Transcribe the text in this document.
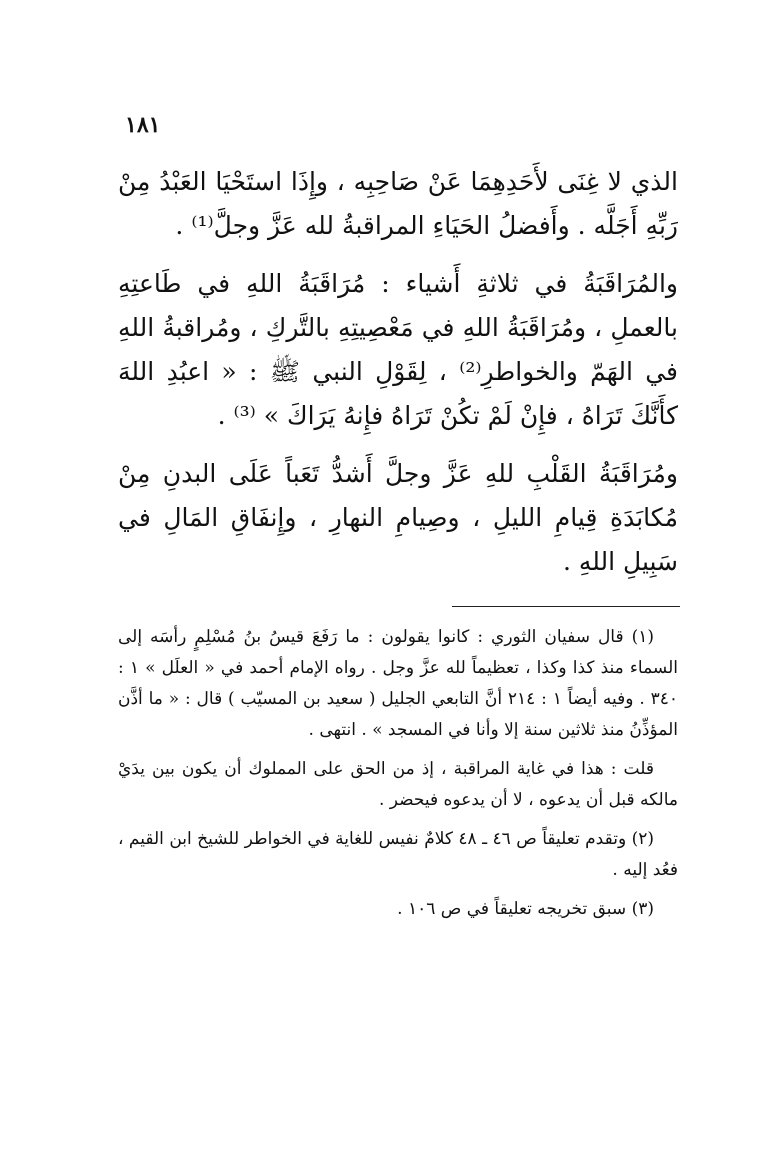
١٨١

الذي لا غِنَى لأَحَدِهِمَا عَنْ صَاحِبِه ، وإِذَا استَحْيَا العَبْدُ مِنْ رَبِّهِ أَجَلَّه . وأَفضلُ الحَيَاءِ المراقبةُ لله عَزَّ وجلَّ⁽¹⁾ .

والمُرَاقَبَةُ في ثلاثةِ أَشياء : مُرَاقَبَةُ اللهِ في طَاعتِهِ بالعملِ ، ومُرَاقَبَةُ اللهِ في مَعْصِيتِهِ بالتَّركِ ، ومُراقبةُ اللهِ في الهَمّ والخواطرِ⁽²⁾ ، لِقَوْلِ النبي ﷺ : « اعبُدِ اللهَ كأَنَّكَ تَرَاهُ ، فإِنْ لَمْ تكُنْ تَرَاهُ فإِنهُ يَرَاكَ » ⁽³⁾ .

ومُرَاقَبَةُ القَلْبِ للهِ عَزَّ وجلَّ أَشدُّ تَعَباً عَلَى البدنِ مِنْ مُكابَدَةِ قِيامِ الليلِ ، وصِيامِ النهارِ ، وإِنفَاقِ المَالِ في سَبِيلِ اللهِ .

(١) قال سفيان الثوري : كانوا يقولون : ما رَفَعَ قيسُ بنُ مُسْلِمٍ رأسَه إلى السماء منذ كذا وكذا ، تعظيماً لله عزَّ وجل . رواه الإمام أحمد في « العلَل » ١ : ٣٤٠ . وفيه أيضاً ١ : ٢١٤ أنَّ التابعي الجليل ( سعيد بن المسيّب ) قال : « ما أذَّن المؤذِّنُ منذ ثلاثين سنة إلا وأنا في المسجد » . انتهى .

قلت : هذا في غاية المراقبة ، إذ من الحق على المملوك أن يكون بين يدَيْ مالكه قبل أن يدعوه ، لا أن يدعوه فيحضر .

(٢) وتقدم تعليقاً ص ٤٦ ـ ٤٨ كلامٌ نفيس للغاية في الخواطر للشيخ ابن القيم ، فعُد إليه .

(٣) سبق تخريجه تعليقاً في ص ١٠٦ .
